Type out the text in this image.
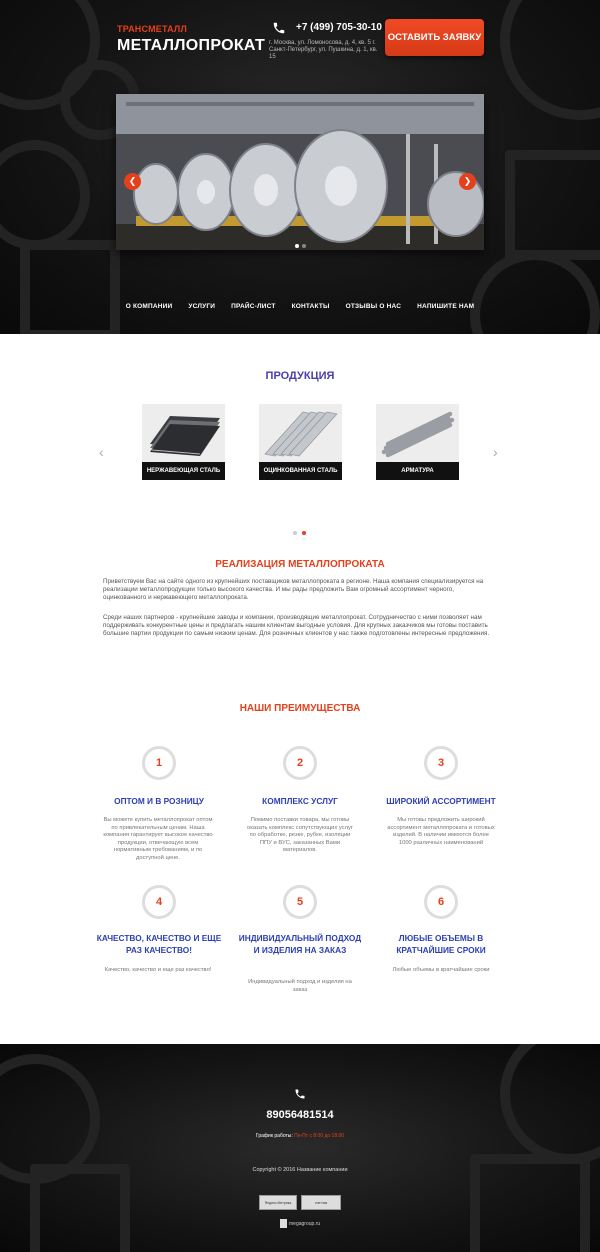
ТРАНСМЕТАЛЛ
МЕТАЛЛОПРОКАТ
+7 (499) 705-30-10
г. Москва, ул. Ломоносова, д. 4, кв. 5 г. Санкт-Петербург, ул. Пушкина, д. 1, кв. 15
ОСТАВИТЬ ЗАЯВКУ
❮	❯
О КОМПАНИИ	УСЛУГИ	ПРАЙС-ЛИСТ	КОНТАКТЫ	ОТЗЫВЫ О НАС	НАПИШИТЕ НАМ
ПРОДУКЦИЯ
‹	›
НЕРЖАВЕЮЩАЯ СТАЛЬ	ОЦИНКОВАННАЯ СТАЛЬ	АРМАТУРА
РЕАЛИЗАЦИЯ МЕТАЛЛОПРОКАТА

Приветствуем Вас на сайте одного из крупнейших поставщиков металлопроката в регионе. Наша компания специализируется на реализации металлопродукции только высокого качества. И мы рады предложить Вам огромный ассортимент черного, оцинкованного и нержавеющего металлопроката.

Среди наших партнеров - крупнейшие заводы и компании, производящие металлопрокат. Сотрудничество с ними позволяет нам поддерживать конкурентные цены и предлагать нашим клиентам выгодные условия. Для крупных заказчиков мы готовы поставить большие партии продукции по самым низким ценам. Для розничных клиентов у нас также подготовлены интересные предложения.

НАШИ ПРЕИМУЩЕСТВА
1	2	3
ОПТОМ И В РОЗНИЦУ	КОМПЛЕКС УСЛУГ	ШИРОКИЙ АССОРТИМЕНТ
Вы можете купить металлопрокат оптом по привлекательным ценам. Наша компания гарантирует высокое качество продукции, отвечающую всем нормативным требованиям, и по доступной цене.
Помимо поставки товара, мы готовы оказать комплекс сопутствующих услуг по обработке, резке, рубке, изоляции ППУ и ВУС, заказанных Вами материалов.
Мы готовы предложить широкий ассортимент металлопроката и готовых изделий. В наличии имеются более 1000 различных наименований
4	5	6
КАЧЕСТВО, КАЧЕСТВО И ЕЩЕ РАЗ КАЧЕСТВО!
ИНДИВИДУАЛЬНЫЙ ПОДХОД И ИЗДЕЛИЯ НА ЗАКАЗ
ЛЮБЫЕ ОБЪЕМЫ В КРАТЧАЙШИЕ СРОКИ
Качество, качество и еще раз качество!
Индивидуальный подход и изделия на заказ
Любые объемы в кратчайшие сроки
89056481514
График работы: Пн-Пт с 8:00 до 18:00
Copyright © 2016 Название компании
Яндекс.Метрика	счетчик
megagroup.ru
